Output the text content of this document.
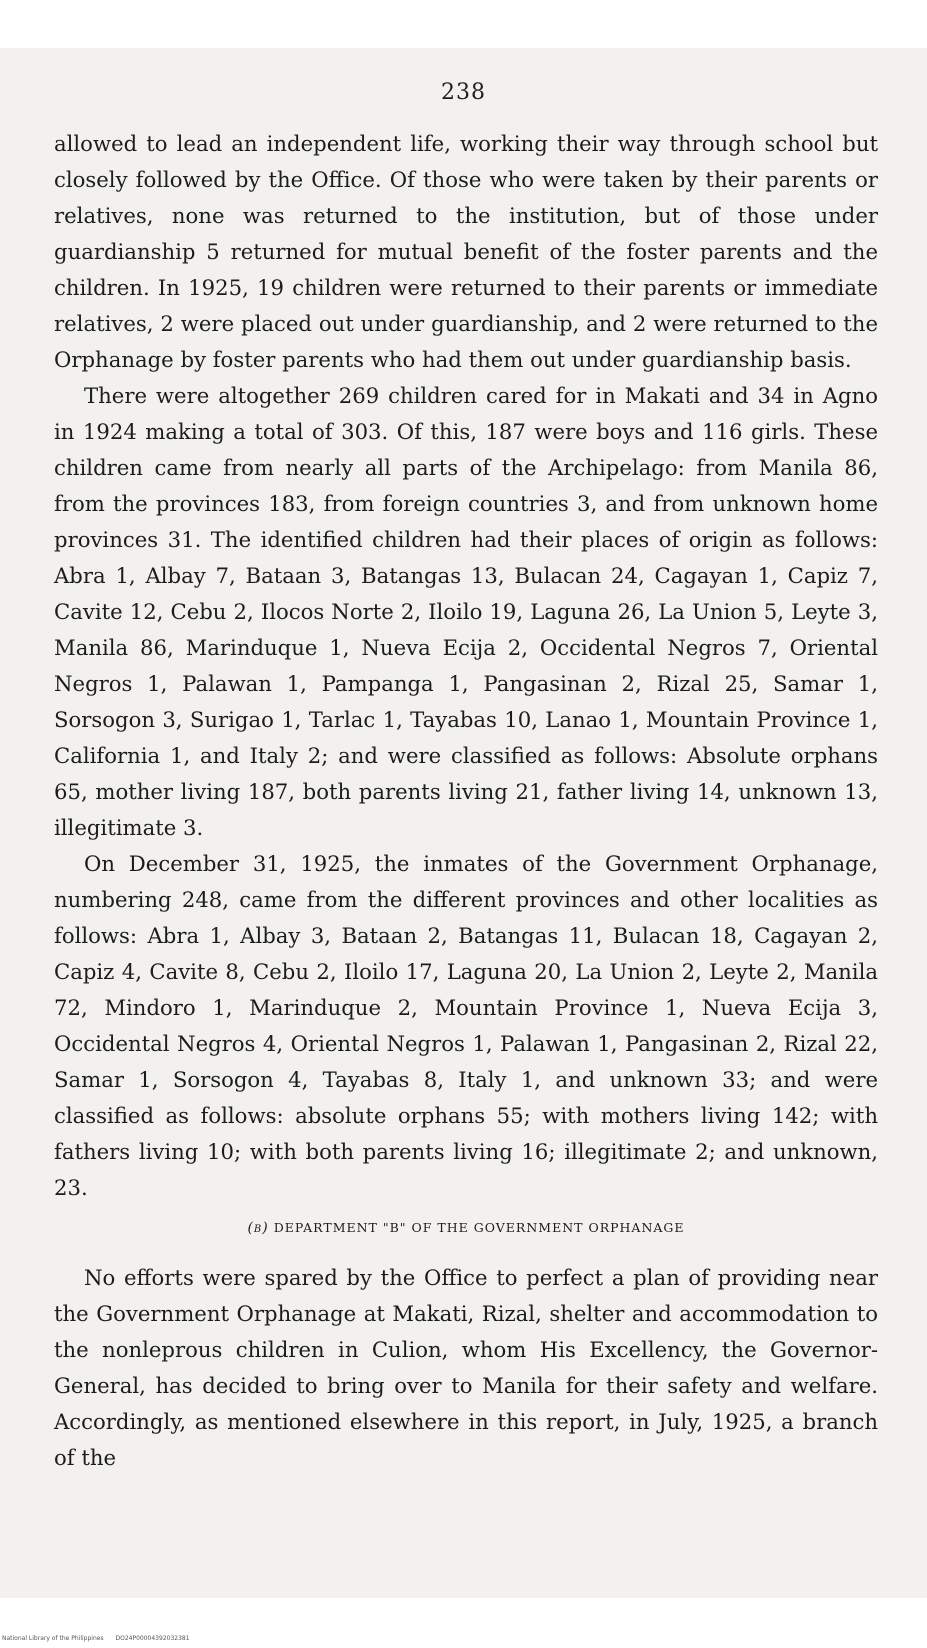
238

allowed to lead an independent life, working their way through school but closely followed by the Office. Of those who were taken by their parents or relatives, none was returned to the institution, but of those under guardianship 5 returned for mutual benefit of the foster parents and the children. In 1925, 19 children were returned to their parents or immediate relatives, 2 were placed out under guardianship, and 2 were returned to the Orphanage by foster parents who had them out under guardianship basis.

There were altogether 269 children cared for in Makati and 34 in Agno in 1924 making a total of 303. Of this, 187 were boys and 116 girls. These children came from nearly all parts of the Archipelago: from Manila 86, from the provinces 183, from foreign countries 3, and from unknown home provinces 31. The identified children had their places of origin as follows: Abra 1, Albay 7, Bataan 3, Batangas 13, Bulacan 24, Cagayan 1, Capiz 7, Cavite 12, Cebu 2, Ilocos Norte 2, Iloilo 19, Laguna 26, La Union 5, Leyte 3, Manila 86, Marinduque 1, Nueva Ecija 2, Occidental Negros 7, Oriental Negros 1, Palawan 1, Pampanga 1, Pangasinan 2, Rizal 25, Samar 1, Sorsogon 3, Surigao 1, Tarlac 1, Tayabas 10, Lanao 1, Mountain Province 1, California 1, and Italy 2; and were classified as follows: Absolute orphans 65, mother living 187, both parents living 21, father living 14, unknown 13, illegitimate 3.

On December 31, 1925, the inmates of the Government Orphanage, numbering 248, came from the different provinces and other localities as follows: Abra 1, Albay 3, Bataan 2, Batangas 11, Bulacan 18, Cagayan 2, Capiz 4, Cavite 8, Cebu 2, Iloilo 17, Laguna 20, La Union 2, Leyte 2, Manila 72, Mindoro 1, Marinduque 2, Mountain Province 1, Nueva Ecija 3, Occidental Negros 4, Oriental Negros 1, Palawan 1, Pangasinan 2, Rizal 22, Samar 1, Sorsogon 4, Tayabas 8, Italy 1, and unknown 33; and were classified as follows: absolute orphans 55; with mothers living 142; with fathers living 10; with both parents living 16; illegitimate 2; and unknown, 23.

(b) DEPARTMENT "B" OF THE GOVERNMENT ORPHANAGE

No efforts were spared by the Office to perfect a plan of providing near the Government Orphanage at Makati, Rizal, shelter and accommodation to the nonleprous children in Culion, whom His Excellency, the Governor-General, has decided to bring over to Manila for their safety and welfare. Accordingly, as mentioned elsewhere in this report, in July, 1925, a branch of the

National Library of the Philippines DO24P00004392032381
